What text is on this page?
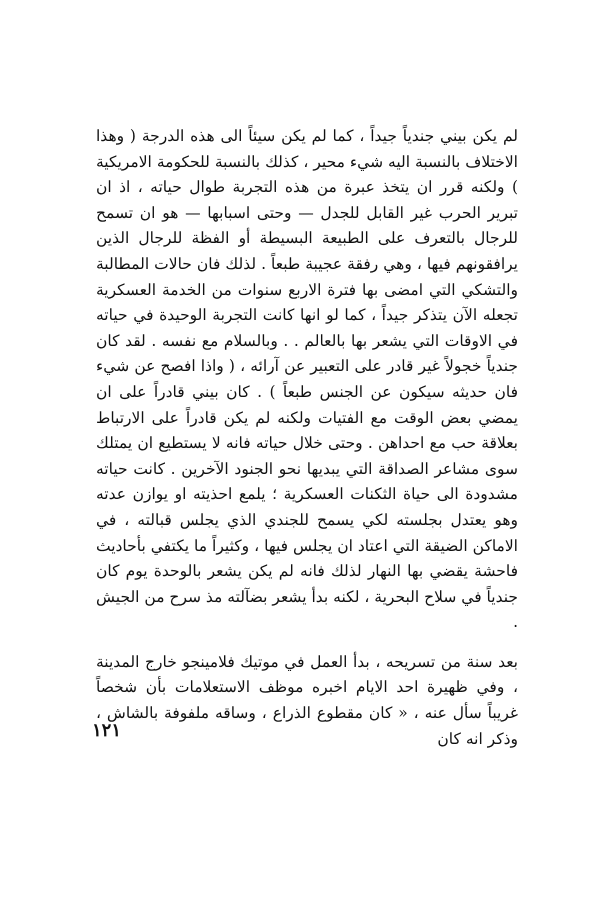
لم يكن بيني جندياً جيداً ، كما لم يكن سيئاً الى هذه الدرجة ( وهذا الاختلاف بالنسبة اليه شيء محير ، كذلك بالنسبة للحكومة الامريكية ) ولكنه قرر ان يتخذ عبرة من هذه التجربة طوال حياته ، اذ ان تبرير الحرب غير القابل للجدل — وحتى اسبابها — هو ان تسمح للرجال بالتعرف على الطبيعة البسيطة أو الفظة للرجال الذين يرافقونهم فيها ، وهي رفقة عجيبة طبعاً . لذلك فان حالات المطالبة والتشكي التي امضى بها فترة الاربع سنوات من الخدمة العسكرية تجعله الآن يتذكر جيداً ، كما لو انها كانت التجربة الوحيدة في حياته في الاوقات التي يشعر بها بالعالم . . وبالسلام مع نفسه . لقد كان جندياً خجولاً غير قادر على التعبير عن آرائه ، ( واذا افصح عن شيء فان حديثه سيكون عن الجنس طبعاً ) . كان بيني قادراً على ان يمضي بعض الوقت مع الفتيات ولكنه لم يكن قادراً على الارتباط بعلاقة حب مع احداهن . وحتى خلال حياته فانه لا يستطيع ان يمتلك سوى مشاعر الصداقة التي يبديها نحو الجنود الآخرين . كانت حياته مشدودة الى حياة الثكنات العسكرية ؛ يلمع احذيته او يوازن عدته وهو يعتدل بجلسته لكي يسمح للجندي الذي يجلس قبالته ، في الاماكن الضيقة التي اعتاد ان يجلس فيها ، وكثيراً ما يكتفي بأحاديث فاحشة يقضي بها النهار لذلك فانه لم يكن يشعر بالوحدة يوم كان جندياً في سلاح البحرية ، لكنه بدأ يشعر بضآلته مذ سرح من الجيش .

بعد سنة من تسريحه ، بدأ العمل في موتيك فلامينجو خارج المدينة ، وفي ظهيرة احد الايام اخبره موظف الاستعلامات بأن شخصاً غريباً سأل عنه ، « كان مقطوع الذراع ، وساقه ملفوفة بالشاش ، وذكر انه كان

١٢١
